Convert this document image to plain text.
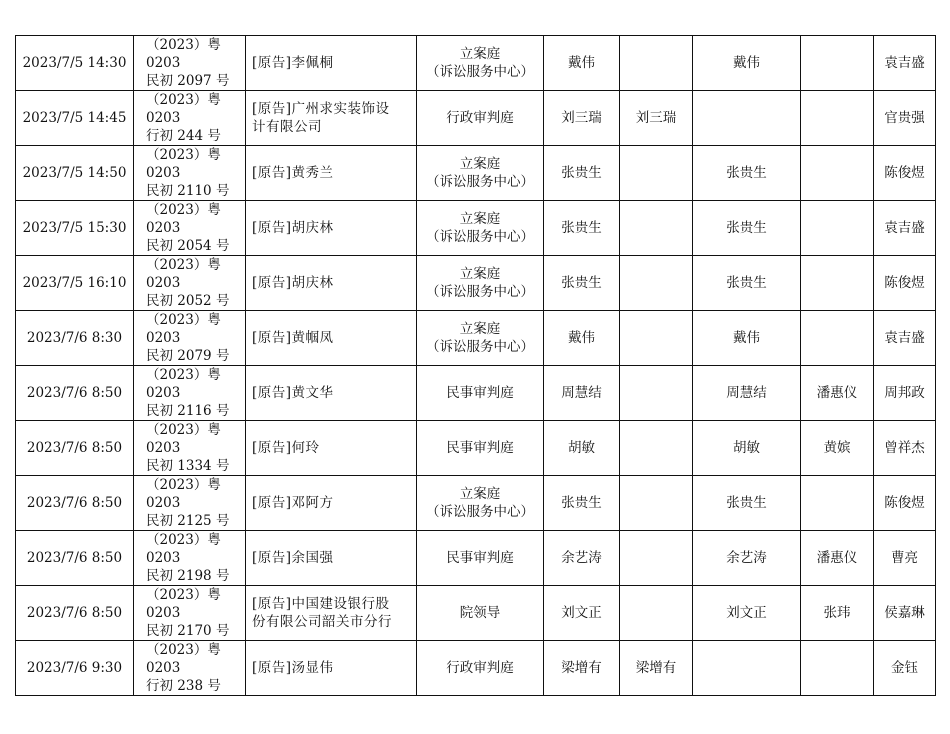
2023/7/5 14:30	（2023）粤 0203
民初 2097 号	[原告]李佩桐	立案庭
（诉讼服务中心）	戴伟		戴伟		袁吉盛
2023/7/5 14:45	（2023）粤 0203
行初 244 号	[原告]广州求实装饰设
计有限公司	行政审判庭	刘三瑞	刘三瑞			官贵强
2023/7/5 14:50	（2023）粤 0203
民初 2110 号	[原告]黄秀兰	立案庭
（诉讼服务中心）	张贵生		张贵生		陈俊煜
2023/7/5 15:30	（2023）粤 0203
民初 2054 号	[原告]胡庆林	立案庭
（诉讼服务中心）	张贵生		张贵生		袁吉盛
2023/7/5 16:10	（2023）粤 0203
民初 2052 号	[原告]胡庆林	立案庭
（诉讼服务中心）	张贵生		张贵生		陈俊煜
2023/7/6 8:30	（2023）粤 0203
民初 2079 号	[原告]黄帼凤	立案庭
（诉讼服务中心）	戴伟		戴伟		袁吉盛
2023/7/6 8:50	（2023）粤 0203
民初 2116 号	[原告]黄文华	民事审判庭	周慧结		周慧结	潘惠仪	周邦政
2023/7/6 8:50	（2023）粤 0203
民初 1334 号	[原告]何玲	民事审判庭	胡敏		胡敏	黄嫔	曾祥杰
2023/7/6 8:50	（2023）粤 0203
民初 2125 号	[原告]邓阿方	立案庭
（诉讼服务中心）	张贵生		张贵生		陈俊煜
2023/7/6 8:50	（2023）粤 0203
民初 2198 号	[原告]余国强	民事审判庭	余艺涛		余艺涛	潘惠仪	曹亮
2023/7/6 8:50	（2023）粤 0203
民初 2170 号	[原告]中国建设银行股
份有限公司韶关市分行	院领导	刘文正		刘文正	张玮	侯嘉琳
2023/7/6 9:30	（2023）粤 0203
行初 238 号	[原告]汤显伟	行政审判庭	梁增有	梁增有			金钰
